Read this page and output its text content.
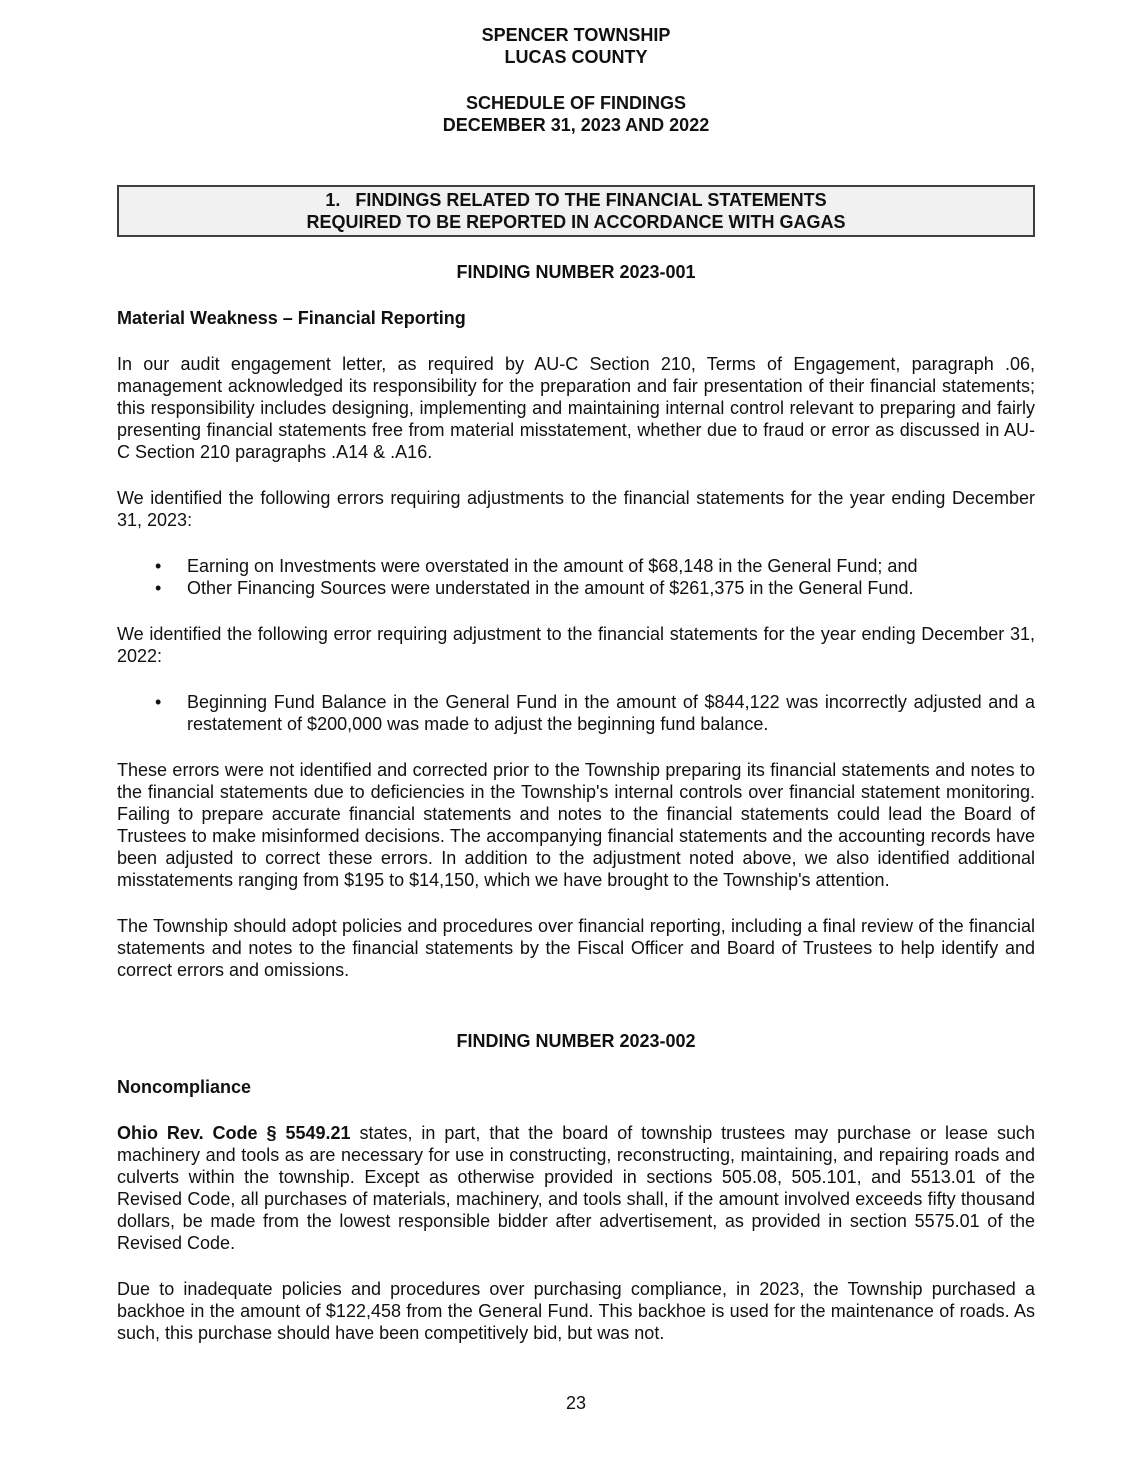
SPENCER TOWNSHIP
LUCAS COUNTY
SCHEDULE OF FINDINGS
DECEMBER 31, 2023 AND 2022
1.   FINDINGS RELATED TO THE FINANCIAL STATEMENTS
REQUIRED TO BE REPORTED IN ACCORDANCE WITH GAGAS
FINDING NUMBER 2023-001
Material Weakness – Financial Reporting

In our audit engagement letter, as required by AU-C Section 210, Terms of Engagement, paragraph .06, management acknowledged its responsibility for the preparation and fair presentation of their financial statements; this responsibility includes designing, implementing and maintaining internal control relevant to preparing and fairly presenting financial statements free from material misstatement, whether due to fraud or error as discussed in AU-C Section 210 paragraphs .A14 & .A16.

We identified the following errors requiring adjustments to the financial statements for the year ending December 31, 2023:

•	Earning on Investments were overstated in the amount of $68,148 in the General Fund; and
•	Other Financing Sources were understated in the amount of $261,375 in the General Fund.

We identified the following error requiring adjustment to the financial statements for the year ending December 31, 2022:

•	Beginning Fund Balance in the General Fund in the amount of $844,122 was incorrectly adjusted and a restatement of $200,000 was made to adjust the beginning fund balance.

These errors were not identified and corrected prior to the Township preparing its financial statements and notes to the financial statements due to deficiencies in the Township's internal controls over financial statement monitoring. Failing to prepare accurate financial statements and notes to the financial statements could lead the Board of Trustees to make misinformed decisions. The accompanying financial statements and the accounting records have been adjusted to correct these errors. In addition to the adjustment noted above, we also identified additional misstatements ranging from $195 to $14,150, which we have brought to the Township's attention.

The Township should adopt policies and procedures over financial reporting, including a final review of the financial statements and notes to the financial statements by the Fiscal Officer and Board of Trustees to help identify and correct errors and omissions.

FINDING NUMBER 2023-002
Noncompliance

Ohio Rev. Code § 5549.21 states, in part, that the board of township trustees may purchase or lease such machinery and tools as are necessary for use in constructing, reconstructing, maintaining, and repairing roads and culverts within the township. Except as otherwise provided in sections 505.08, 505.101, and 5513.01 of the Revised Code, all purchases of materials, machinery, and tools shall, if the amount involved exceeds fifty thousand dollars, be made from the lowest responsible bidder after advertisement, as provided in section 5575.01 of the Revised Code.

Due to inadequate policies and procedures over purchasing compliance, in 2023, the Township purchased a backhoe in the amount of $122,458 from the General Fund. This backhoe is used for the maintenance of roads. As such, this purchase should have been competitively bid, but was not.

23
